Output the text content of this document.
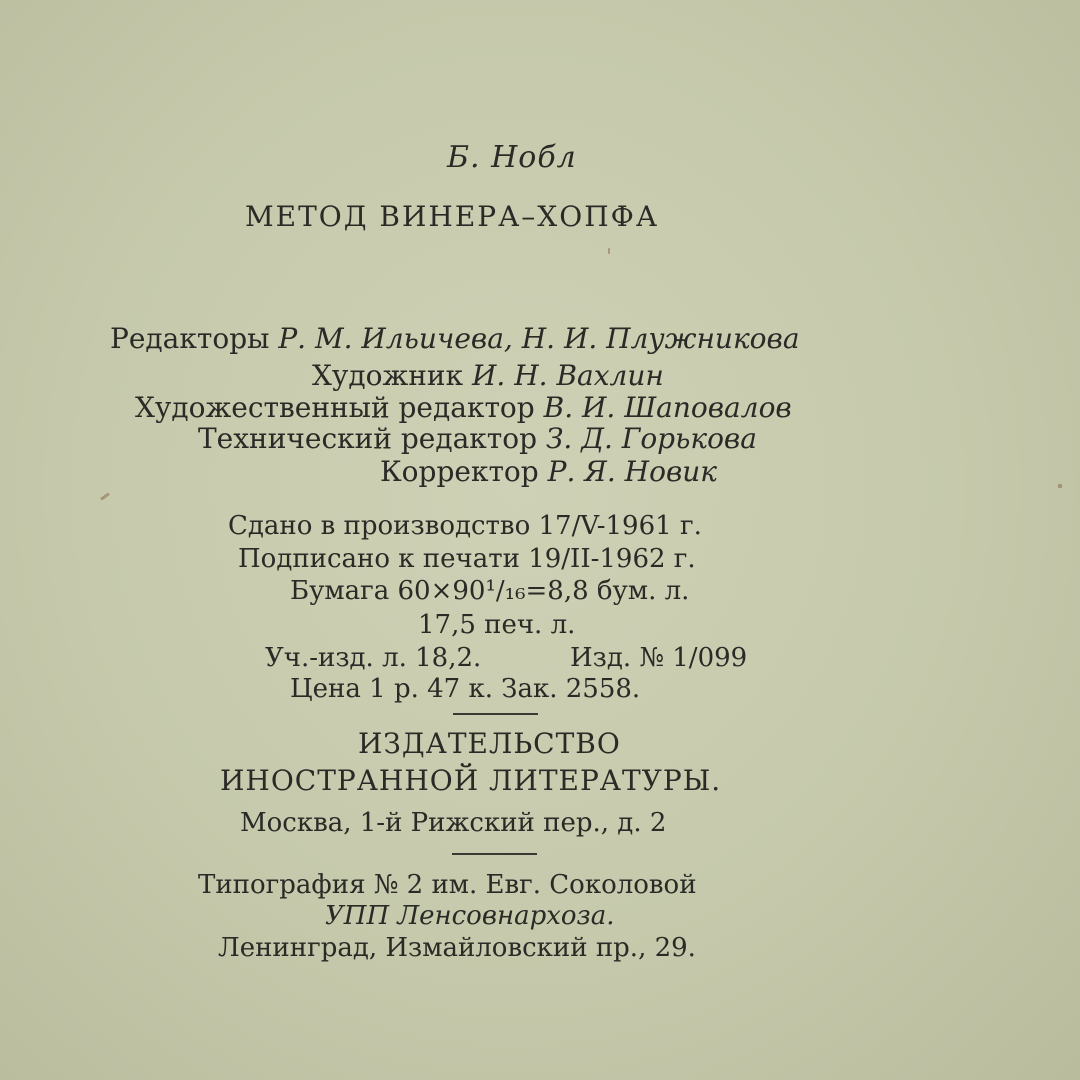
Б. Нобл

МЕТОД ВИНЕРА–ХОПФА

Редакторы Р. М. Ильичева, Н. И. Плужникова

Художник И. Н. Вахлин

Художественный редактор В. И. Шаповалов

Технический редактор З. Д. Горькова

Корректор Р. Я. Новик

Сдано в производство 17/V-1961 г.

Подписано к печати 19/II-1962 г.

Бумага 60×90¹/₁₆=8,8 бум. л.

17,5 печ. л.

Уч.-изд. л. 18,2.	Изд. № 1/099

Цена 1 р. 47 к. Зак. 2558.

ИЗДАТЕЛЬСТВО

ИНОСТРАННОЙ ЛИТЕРАТУРЫ.

Москва, 1-й Рижский пер., д. 2

Типография № 2 им. Евг. Соколовой

УПП Ленсовнархоза.

Ленинград, Измайловский пр., 29.
